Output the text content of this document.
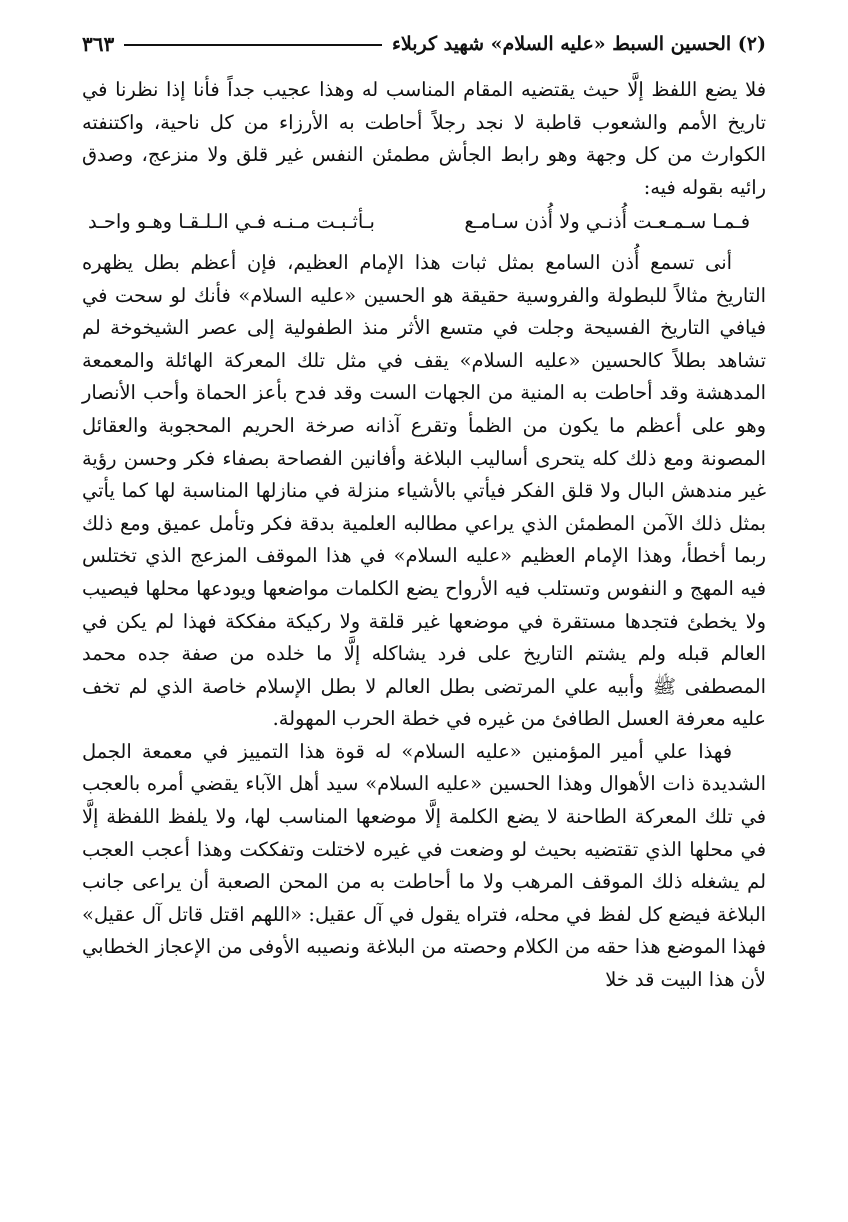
(٢) الحسين السبط «عليه السلام» شهيد كربلاء
٣٦٣

فلا يضع اللفظ إلَّا حيث يقتضيه المقام المناسب له وهذا عجيب جداً فأنا إذا نظرنا في تاريخ الأمم والشعوب قاطبة لا نجد رجلاً أحاطت به الأرزاء من كل ناحية، واكتنفته الكوارث من كل وجهة وهو رابط الجأش مطمئن النفس غير قلق ولا منزعج، وصدق رائيه بقوله فيه:

فـمـا سـمـعـت أُذنـي ولا أُذن سـامـع
بـأثـبـت مـنـه فـي الـلـقـا وهـو واحـد

أنى تسمع أُذن السامع بمثل ثبات هذا الإمام العظيم، فإن أعظم بطل يظهره التاريخ مثالاً للبطولة والفروسية حقيقة هو الحسين «عليه السلام» فأنك لو سحت في فيافي التاريخ الفسيحة وجلت في متسع الأثر منذ الطفولية إلى عصر الشيخوخة لم تشاهد بطلاً كالحسين «عليه السلام» يقف في مثل تلك المعركة الهائلة والمعمعة المدهشة وقد أحاطت به المنية من الجهات الست وقد فدح بأعز الحماة وأحب الأنصار وهو على أعظم ما يكون من الظمأ وتقرع آذانه صرخة الحريم المحجوبة والعقائل المصونة ومع ذلك كله يتحرى أساليب البلاغة وأفانين الفصاحة بصفاء فكر وحسن رؤية غير مندهش البال ولا قلق الفكر فيأتي بالأشياء منزلة في منازلها المناسبة لها كما يأتي بمثل ذلك الآمن المطمئن الذي يراعي مطالبه العلمية بدقة فكر وتأمل عميق ومع ذلك ربما أخطأ، وهذا الإمام العظيم «عليه السلام» في هذا الموقف المزعج الذي تختلس فيه المهج و النفوس وتستلب فيه الأرواح يضع الكلمات مواضعها ويودعها محلها فيصيب ولا يخطئ فتجدها مستقرة في موضعها غير قلقة ولا ركيكة مفككة فهذا لم يكن في العالم قبله ولم يشتم التاريخ على فرد يشاكله إلَّا ما خلده من صفة جده محمد المصطفى ﷺ وأبيه علي المرتضى بطل العالم لا بطل الإسلام خاصة الذي لم تخف عليه معرفة العسل الطافئ من غيره في خطة الحرب المهولة.

فهذا علي أمير المؤمنين «عليه السلام» له قوة هذا التمييز في معمعة الجمل الشديدة ذات الأهوال وهذا الحسين «عليه السلام» سيد أهل الآباء يقضي أمره بالعجب في تلك المعركة الطاحنة لا يضع الكلمة إلَّا موضعها المناسب لها، ولا يلفظ اللفظة إلَّا في محلها الذي تقتضيه بحيث لو وضعت في غيره لاختلت وتفككت وهذا أعجب العجب لم يشغله ذلك الموقف المرهب ولا ما أحاطت به من المحن الصعبة أن يراعى جانب البلاغة فيضع كل لفظ في محله، فتراه يقول في آل عقيل: «اللهم اقتل قاتل آل عقيل» فهذا الموضع هذا حقه من الكلام وحصته من البلاغة ونصيبه الأوفى من الإعجاز الخطابي لأن هذا البيت قد خلا
